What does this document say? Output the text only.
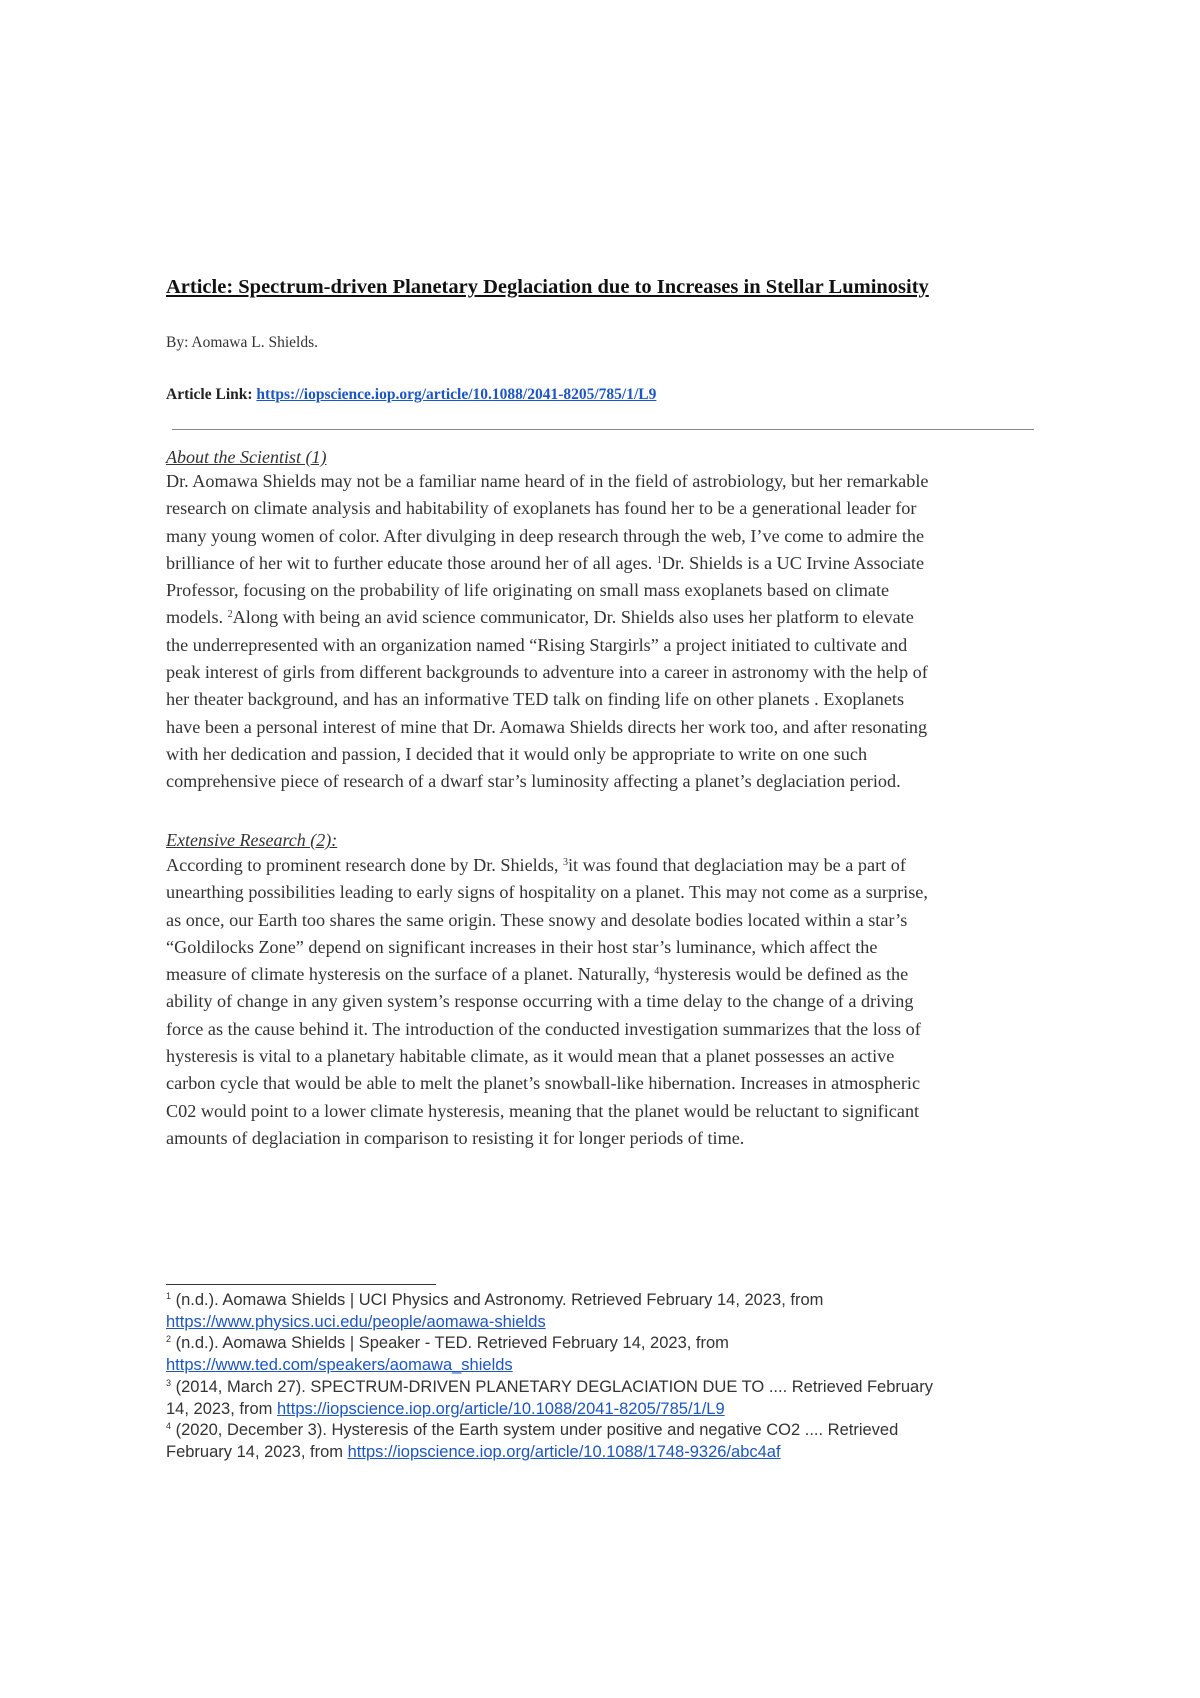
Article: Spectrum-driven Planetary Deglaciation due to Increases in Stellar Luminosity
By: Aomawa L. Shields.
Article Link: https://iopscience.iop.org/article/10.1088/2041-8205/785/1/L9
About the Scientist (1)
Dr. Aomawa Shields may not be a familiar name heard of in the field of astrobiology, but her remarkable
research on climate analysis and habitability of exoplanets has found her to be a generational leader for
many young women of color. After divulging in deep research through the web, I’ve come to admire the
brilliance of her wit to further educate those around her of all ages. $^1$Dr. Shields is a UC Irvine Associate
Professor, focusing on the probability of life originating on small mass exoplanets based on climate
models. $^2$Along with being an avid science communicator, Dr. Shields also uses her platform to elevate
the underrepresented with an organization named “Rising Stargirls” a project initiated to cultivate and
peak interest of girls from different backgrounds to adventure into a career in astronomy with the help of
her theater background, and has an informative TED talk on finding life on other planets . Exoplanets
have been a personal interest of mine that Dr. Aomawa Shields directs her work too, and after resonating
with her dedication and passion, I decided that it would only be appropriate to write on one such
comprehensive piece of research of a dwarf star’s luminosity affecting a planet’s deglaciation period.
Extensive Research (2):
According to prominent research done by Dr. Shields, $^3$it was found that deglaciation may be a part of
unearthing possibilities leading to early signs of hospitality on a planet. This may not come as a surprise,
as once, our Earth too shares the same origin. These snowy and desolate bodies located within a star’s
“Goldilocks Zone” depend on significant increases in their host star’s luminance, which affect the
measure of climate hysteresis on the surface of a planet. Naturally, $^4$hysteresis would be defined as the
ability of change in any given system’s response occurring with a time delay to the change of a driving
force as the cause behind it. The introduction of the conducted investigation summarizes that the loss of
hysteresis is vital to a planetary habitable climate, as it would mean that a planet possesses an active
carbon cycle that would be able to melt the planet’s snowball-like hibernation. Increases in atmospheric
C02 would point to a lower climate hysteresis, meaning that the planet would be reluctant to significant
amounts of deglaciation in comparison to resisting it for longer periods of time.
$^1$ (n.d.). Aomawa Shields | UCI Physics and Astronomy. Retrieved February 14, 2023, from
https://www.physics.uci.edu/people/aomawa-shields
$^2$ (n.d.). Aomawa Shields | Speaker - TED. Retrieved February 14, 2023, from
https://www.ted.com/speakers/aomawa_shields
$^3$ (2014, March 27). SPECTRUM-DRIVEN PLANETARY DEGLACIATION DUE TO .... Retrieved February
14, 2023, from https://iopscience.iop.org/article/10.1088/2041-8205/785/1/L9
$^4$ (2020, December 3). Hysteresis of the Earth system under positive and negative CO2 .... Retrieved
February 14, 2023, from https://iopscience.iop.org/article/10.1088/1748-9326/abc4af
